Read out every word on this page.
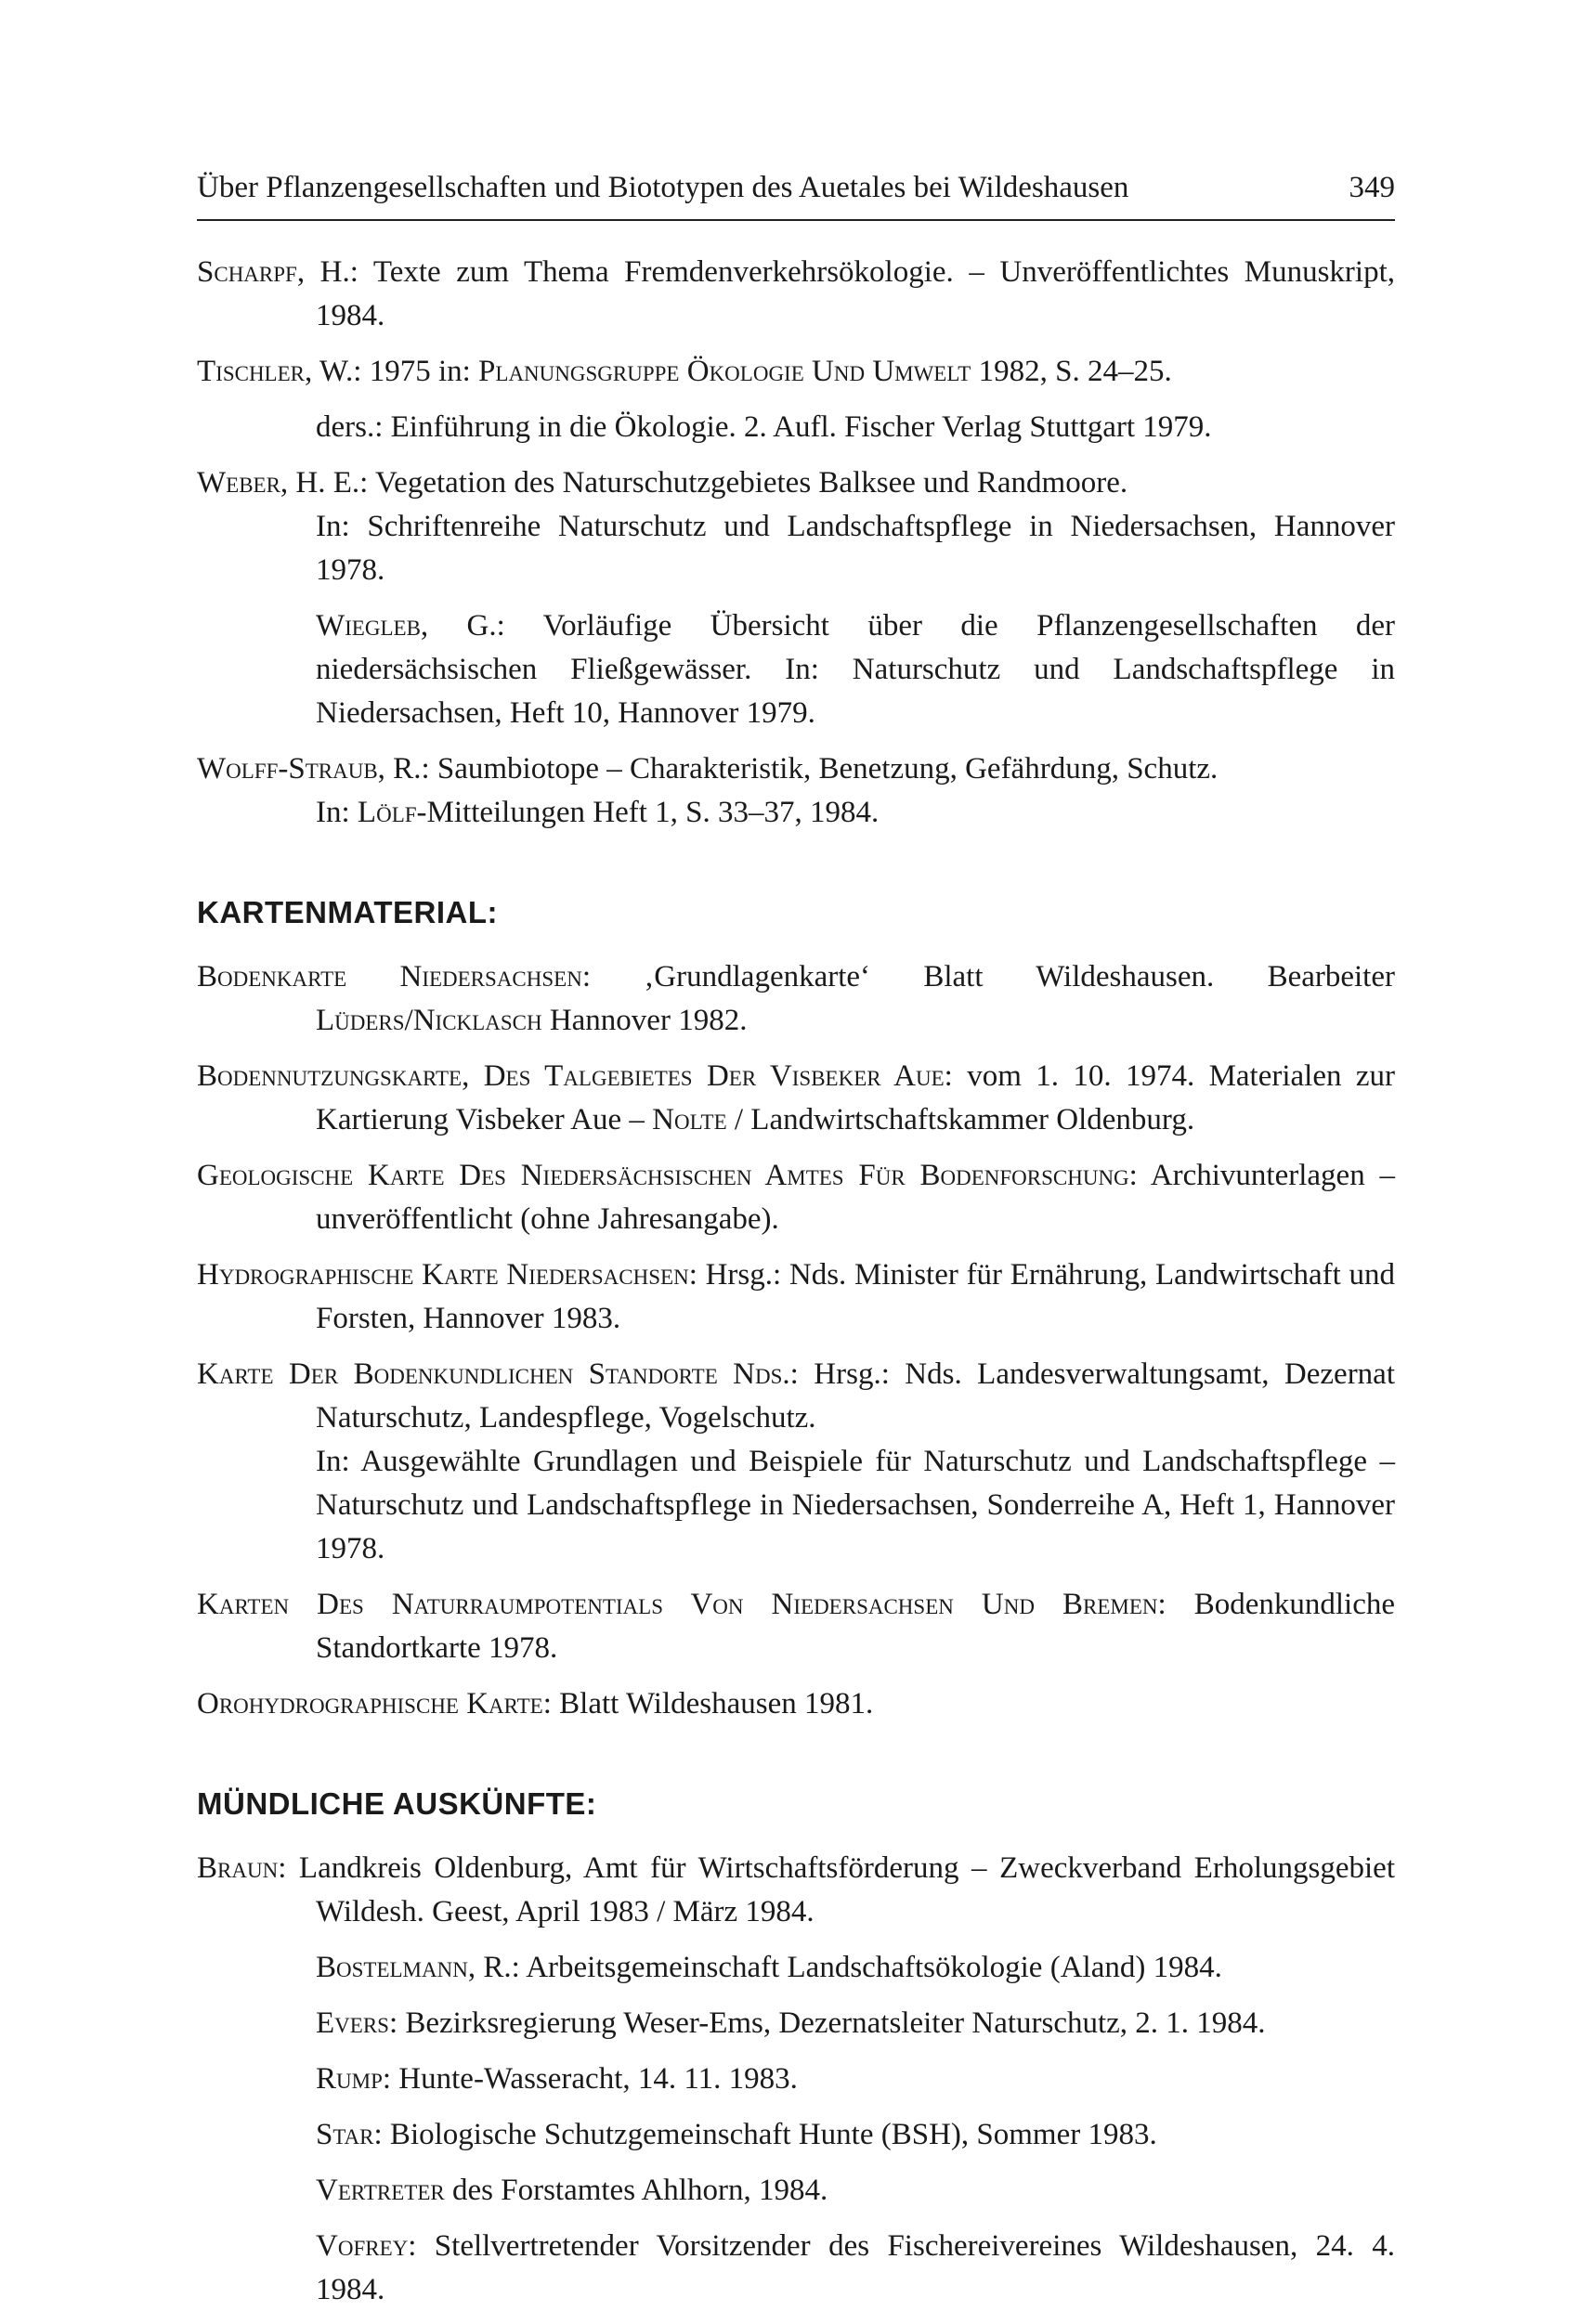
Über Pflanzengesellschaften und Biototypen des Auetales bei Wildeshausen	349
Scharpf, H.: Texte zum Thema Fremdenverkehrsökologie. – Unveröffentlichtes Munuskript, 1984.
Tischler, W.: 1975 in: Planungsgruppe Ökologie Und Umwelt 1982, S. 24–25.
ders.: Einführung in die Ökologie. 2. Aufl. Fischer Verlag Stuttgart 1979.
Weber, H. E.: Vegetation des Naturschutzgebietes Balksee und Randmoore.
In: Schriftenreihe Naturschutz und Landschaftspflege in Niedersachsen, Hannover 1978.
Wiegleb, G.: Vorläufige Übersicht über die Pflanzengesellschaften der niedersächsischen Fließgewässer. In: Naturschutz und Landschaftspflege in Niedersachsen, Heft 10, Hannover 1979.
Wolff-Straub, R.: Saumbiotope – Charakteristik, Benetzung, Gefährdung, Schutz.
In: Lölf-Mitteilungen Heft 1, S. 33–37, 1984.
KARTENMATERIAL:
Bodenkarte Niedersachsen: ‚Grundlagenkarte‘ Blatt Wildeshausen. Bearbeiter Lüders/Nicklasch Hannover 1982.
Bodennutzungskarte, Des Talgebietes Der Visbeker Aue: vom 1. 10. 1974. Materialen zur Kartierung Visbeker Aue – Nolte / Landwirtschaftskammer Oldenburg.
Geologische Karte Des Niedersächsischen Amtes Für Bodenforschung: Archivunterlagen – unveröffentlicht (ohne Jahresangabe).
Hydrographische Karte Niedersachsen: Hrsg.: Nds. Minister für Ernährung, Landwirtschaft und Forsten, Hannover 1983.
Karte Der Bodenkundlichen Standorte Nds.: Hrsg.: Nds. Landesverwaltungsamt, Dezernat Naturschutz, Landespflege, Vogelschutz.
In: Ausgewählte Grundlagen und Beispiele für Naturschutz und Landschaftspflege – Naturschutz und Landschaftspflege in Niedersachsen, Sonderreihe A, Heft 1, Hannover 1978.
Karten Des Naturraumpotentials Von Niedersachsen Und Bremen: Bodenkundliche Standortkarte 1978.
Orohydrographische Karte: Blatt Wildeshausen 1981.
MÜNDLICHE AUSKÜNFTE:
Braun: Landkreis Oldenburg, Amt für Wirtschaftsförderung – Zweckverband Erholungsgebiet Wildesh. Geest, April 1983 / März 1984.
Bostelmann, R.: Arbeitsgemeinschaft Landschaftsökologie (Aland) 1984.
Evers: Bezirksregierung Weser-Ems, Dezernatsleiter Naturschutz, 2. 1. 1984.
Rump: Hunte-Wasseracht, 14. 11. 1983.
Star: Biologische Schutzgemeinschaft Hunte (BSH), Sommer 1983.
Vertreter des Forstamtes Ahlhorn, 1984.
Vofrey: Stellvertretender Vorsitzender des Fischereivereines Wildeshausen, 24. 4. 1984.
